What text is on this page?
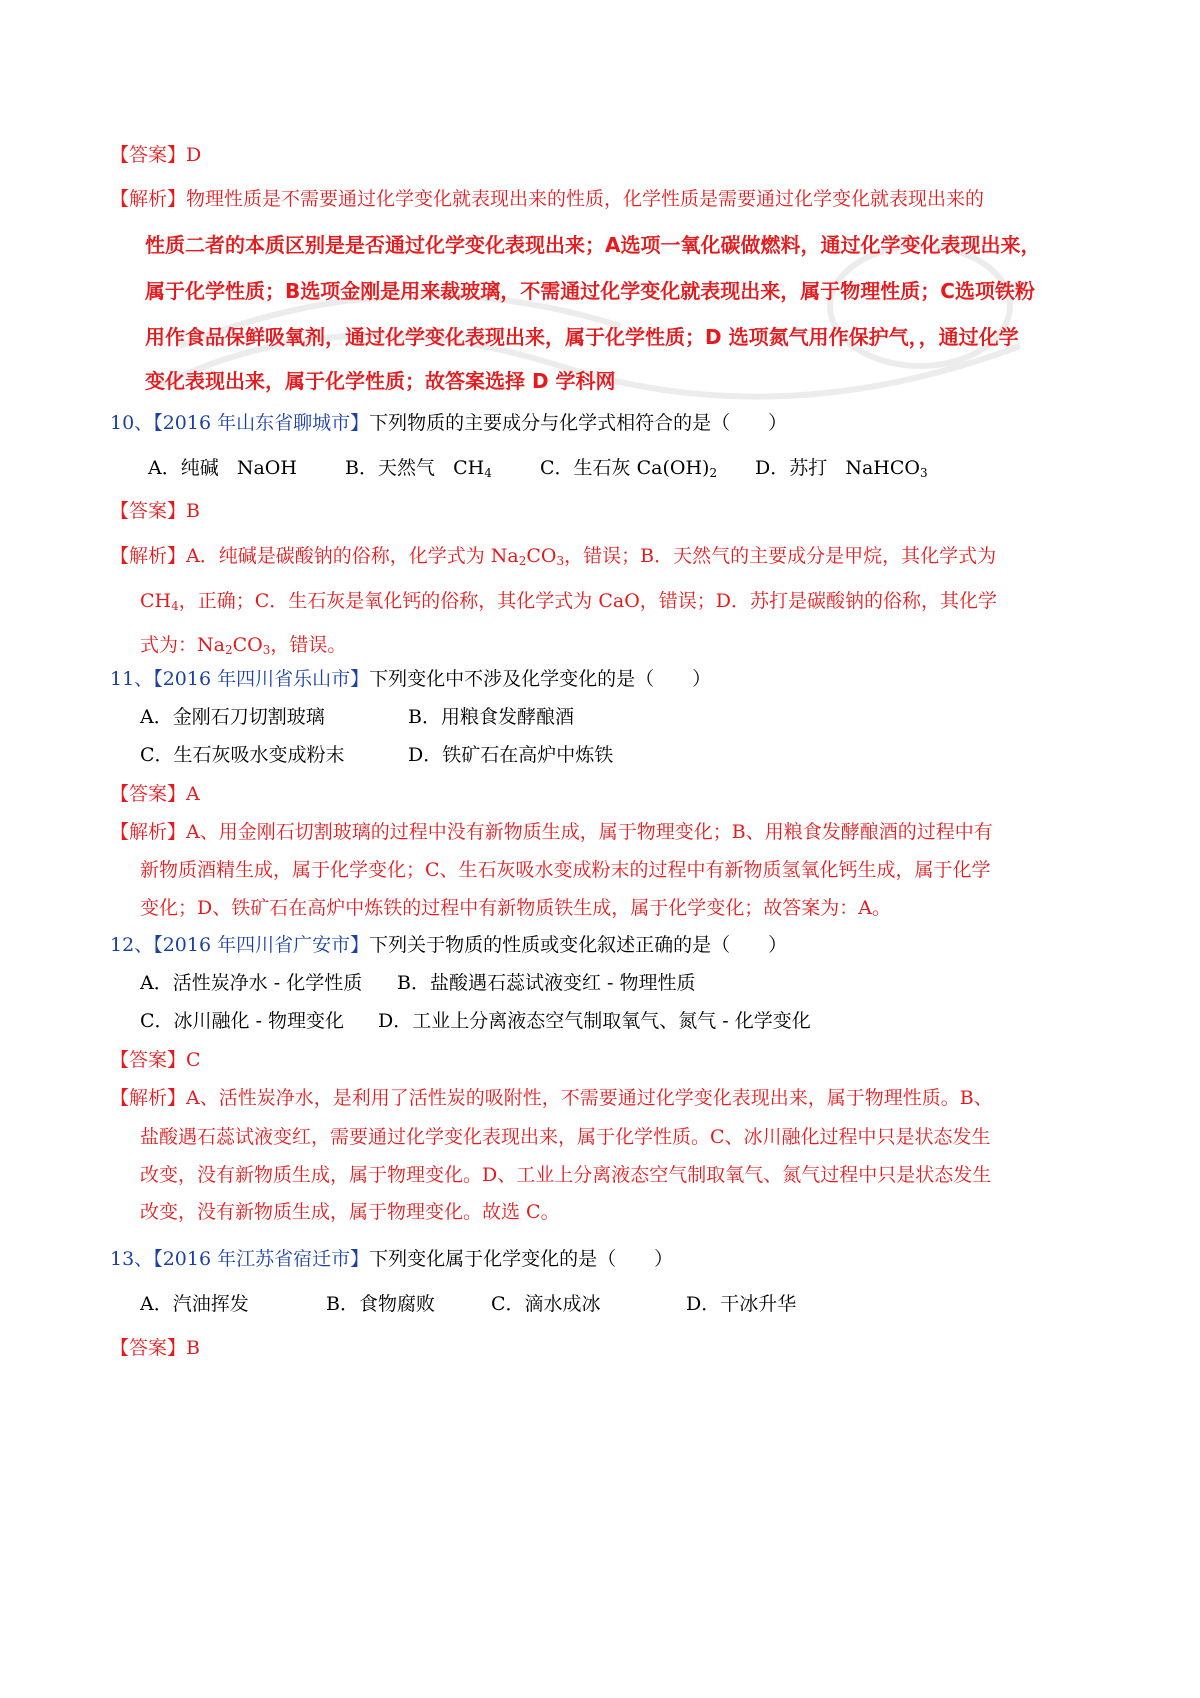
【答案】D
【解析】物理性质是不需要通过化学变化就表现出来的性质，化学性质是需要通过化学变化就表现出来的
性质二者的本质区别是是否通过化学变化表现出来；A选项一氧化碳做燃料，通过化学变化表现出来，
属于化学性质；B选项金刚是用来裁玻璃，不需通过化学变化就表现出来，属于物理性质；C选项铁粉
用作食品保鲜吸氧剂，通过化学变化表现出来，属于化学性质；D 选项氮气用作保护气，，通过化学
变化表现出来，属于化学性质；故答案选择 D 学科网
10、【2016 年山东省聊城市】下列物质的主要成分与化学式相符合的是（　　）
A．纯碱 NaOH	B．天然气 $CH_4$	C．生石灰 $Ca(OH)_2$ D．苏打 NaHCO$_3$
【答案】B
【解析】A．纯碱是碳酸钠的俗称，化学式为 $Na_2CO_3$，错误；B．天然气的主要成分是甲烷，其化学式为
$CH_4$，正确；C．生石灰是氧化钙的俗称，其化学式为 CaO，错误；D．苏打是碳酸钠的俗称，其化学
式为：$Na_2CO_3$，错误。
11、【2016 年四川省乐山市】下列变化中不涉及化学变化的是（　　）
A．金刚石刀切割玻璃	B．用粮食发酵酿酒
C．生石灰吸水变成粉末	D．铁矿石在高炉中炼铁
【答案】A
【解析】A、用金刚石切割玻璃的过程中没有新物质生成，属于物理变化；B、用粮食发酵酿酒的过程中有
新物质酒精生成，属于化学变化；C、生石灰吸水变成粉末的过程中有新物质氢氧化钙生成，属于化学
变化；D、铁矿石在高炉中炼铁的过程中有新物质铁生成，属于化学变化；故答案为：A。
12、【2016 年四川省广安市】下列关于物质的性质或变化叙述正确的是（　　）
A．活性炭净水 - 化学性质 B．盐酸遇石蕊试液变红 - 物理性质
C．冰川融化 - 物理变化 D．工业上分离液态空气制取氧气、氮气 - 化学变化
【答案】C
【解析】A、活性炭净水，是利用了活性炭的吸附性，不需要通过化学变化表现出来，属于物理性质。B、
盐酸遇石蕊试液变红，需要通过化学变化表现出来，属于化学性质。C、冰川融化过程中只是状态发生
改变，没有新物质生成，属于物理变化。D、工业上分离液态空气制取氧气、氮气过程中只是状态发生
改变，没有新物质生成，属于物理变化。故选 C。
13、【2016 年江苏省宿迁市】下列变化属于化学变化的是（　　）
A．汽油挥发	B．食物腐败	C．滴水成冰	D．干冰升华
【答案】B
